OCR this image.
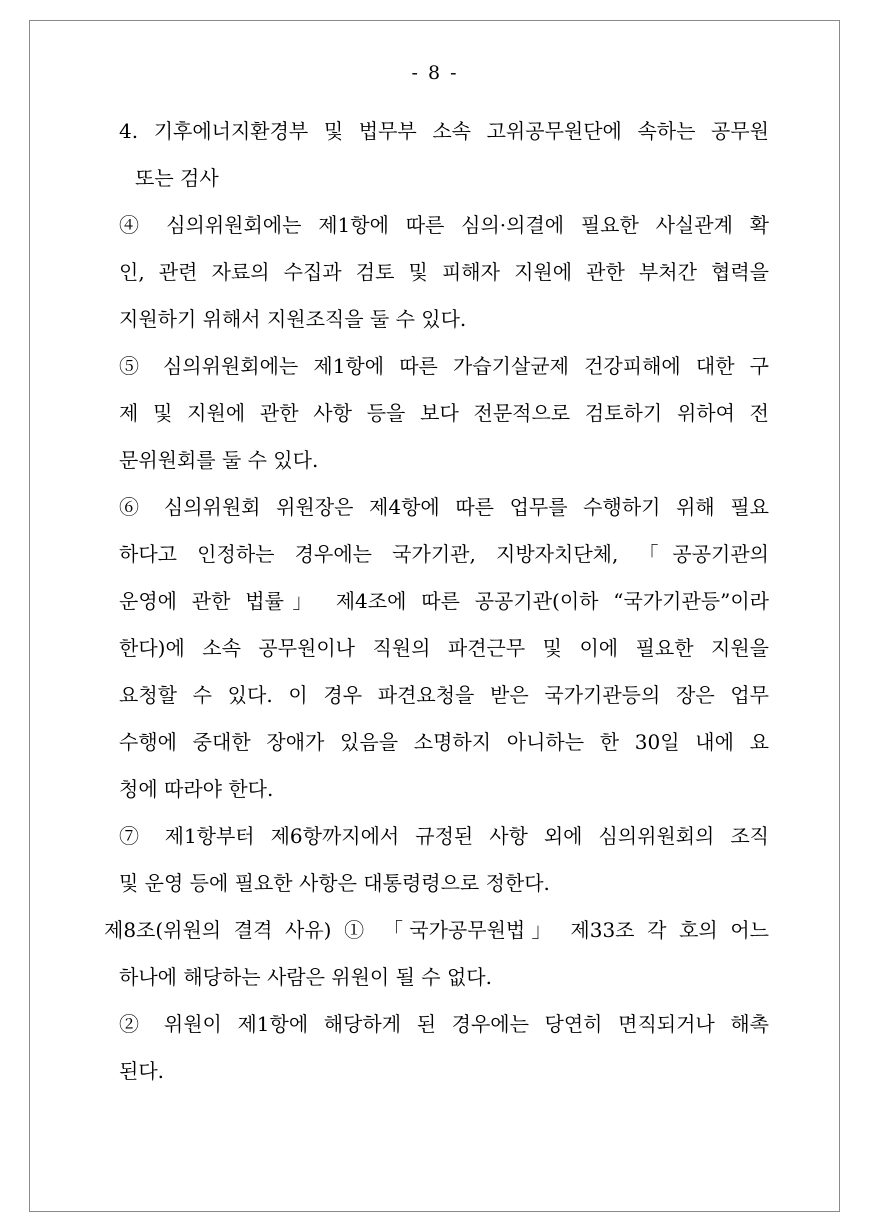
- 8 -
4. 기후에너지환경부 및 법무부 소속 고위공무원단에 속하는 공무원
또는 검사
④ 심의위원회에는 제1항에 따른 심의·의결에 필요한 사실관계 확
인, 관련 자료의 수집과 검토 및 피해자 지원에 관한 부처간 협력을
지원하기 위해서 지원조직을 둘 수 있다.
⑤ 심의위원회에는 제1항에 따른 가습기살균제 건강피해에 대한 구
제 및 지원에 관한 사항 등을 보다 전문적으로 검토하기 위하여 전
문위원회를 둘 수 있다.
⑥ 심의위원회 위원장은 제4항에 따른 업무를 수행하기 위해 필요
하다고 인정하는 경우에는 국가기관, 지방자치단체, 「공공기관의
운영에 관한 법률」 제4조에 따른 공공기관(이하 “국가기관등”이라
한다)에 소속 공무원이나 직원의 파견근무 및 이에 필요한 지원을
요청할 수 있다. 이 경우 파견요청을 받은 국가기관등의 장은 업무
수행에 중대한 장애가 있음을 소명하지 아니하는 한 30일 내에 요
청에 따라야 한다.
⑦ 제1항부터 제6항까지에서 규정된 사항 외에 심의위원회의 조직
및 운영 등에 필요한 사항은 대통령령으로 정한다.
제8조(위원의 결격 사유) ① 「국가공무원법」 제33조 각 호의 어느
하나에 해당하는 사람은 위원이 될 수 없다.
② 위원이 제1항에 해당하게 된 경우에는 당연히 면직되거나 해촉
된다.
